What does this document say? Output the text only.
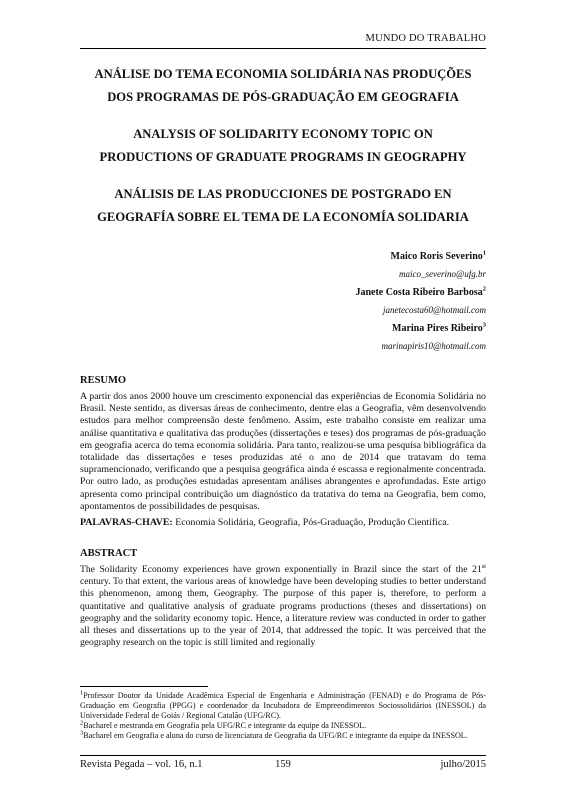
MUNDO DO TRABALHO
ANÁLISE DO TEMA ECONOMIA SOLIDÁRIA NAS PRODUÇÕES
DOS PROGRAMAS DE PÓS-GRADUAÇÃO EM GEOGRAFIA
ANALYSIS OF SOLIDARITY ECONOMY TOPIC ON
PRODUCTIONS OF GRADUATE PROGRAMS IN GEOGRAPHY
ANÁLISIS DE LAS PRODUCCIONES DE POSTGRADO EN
GEOGRAFÍA SOBRE EL TEMA DE LA ECONOMÍA SOLIDARIA
Maico Roris Severino$^1$
maico_severino@ufg.br
Janete Costa Ribeiro Barbosa$^2$
janetecosta60@hotmail.com
Marina Pires Ribeiro$^3$
marinapiris10@hotmail.com
RESUMO
A partir dos anos 2000 houve um crescimento exponencial das experiências de Economia Solidária no Brasil. Neste sentido, as diversas áreas de conhecimento, dentre elas a Geografia, vêm desenvolvendo estudos para melhor compreensão deste fenômeno. Assim, este trabalho consiste em realizar uma análise quantitativa e qualitativa das produções (dissertações e teses) dos programas de pós-graduação em geografia acerca do tema economia solidária. Para tanto, realizou-se uma pesquisa bibliográfica da totalidade das dissertações e teses produzidas até o ano de 2014 que tratavam do tema supramencionado, verificando que a pesquisa geográfica ainda é escassa e regionalmente concentrada. Por outro lado, as produções estudadas apresentam análises abrangentes e aprofundadas. Este artigo apresenta como principal contribuição um diagnóstico da tratativa do tema na Geografia, bem como, apontamentos de possibilidades de pesquisas.
PALAVRAS-CHAVE: Economia Solidária, Geografia, Pós-Graduação, Produção Científica.
ABSTRACT
The Solidarity Economy experiences have grown exponentially in Brazil since the start of the 21st century. To that extent, the various areas of knowledge have been developing studies to better understand this phenomenon, among them, Geography. The purpose of this paper is, therefore, to perform a quantitative and qualitative analysis of graduate programs productions (theses and dissertations) on geography and the solidarity economy topic. Hence, a literature review was conducted in order to gather all theses and dissertations up to the year of 2014, that addressed the topic. It was perceived that the geography research on the topic is still limited and regionally

$^1$Professor Doutor da Unidade Acadêmica Especial de Engenharia e Administração (FENAD) e do Programa de Pós-Graduação em Geografia (PPGG) e coordenador da Incubadora de Empreendimentos Sociossolidários (INESSOL) da Universidade Federal de Goiás / Regional Catalão (UFG/RC).

$^2$Bacharel e mestranda em Geografia pela UFG/RC e integrante da equipe da INESSOL.

$^3$Bacharel em Geografia e aluna do curso de licenciatura de Geografia da UFG/RC e integrante da equipe da INESSOL.

Revista Pegada – vol. 16, n.1	159	julho/2015
